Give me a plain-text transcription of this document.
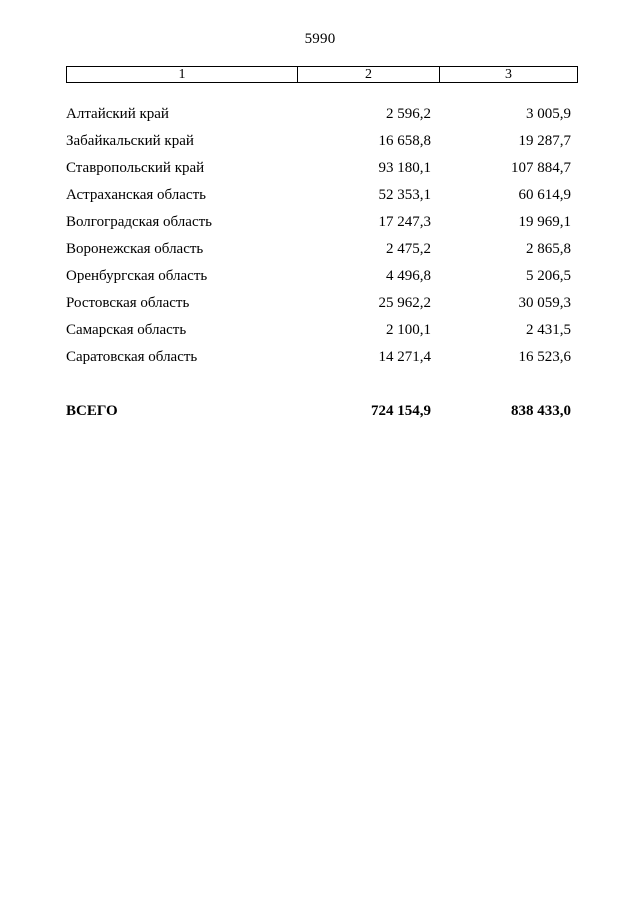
5990
1	2	3
Алтайский край	2 596,2	3 005,9
Забайкальский край	16 658,8	19 287,7
Ставропольский край	93 180,1	107 884,7
Астраханская область	52 353,1	60 614,9
Волгоградская область	17 247,3	19 969,1
Воронежская область	2 475,2	2 865,8
Оренбургская область	4 496,8	5 206,5
Ростовская область	25 962,2	30 059,3
Самарская область	2 100,1	2 431,5
Саратовская область	14 271,4	16 523,6
ВСЕГО	724 154,9	838 433,0
